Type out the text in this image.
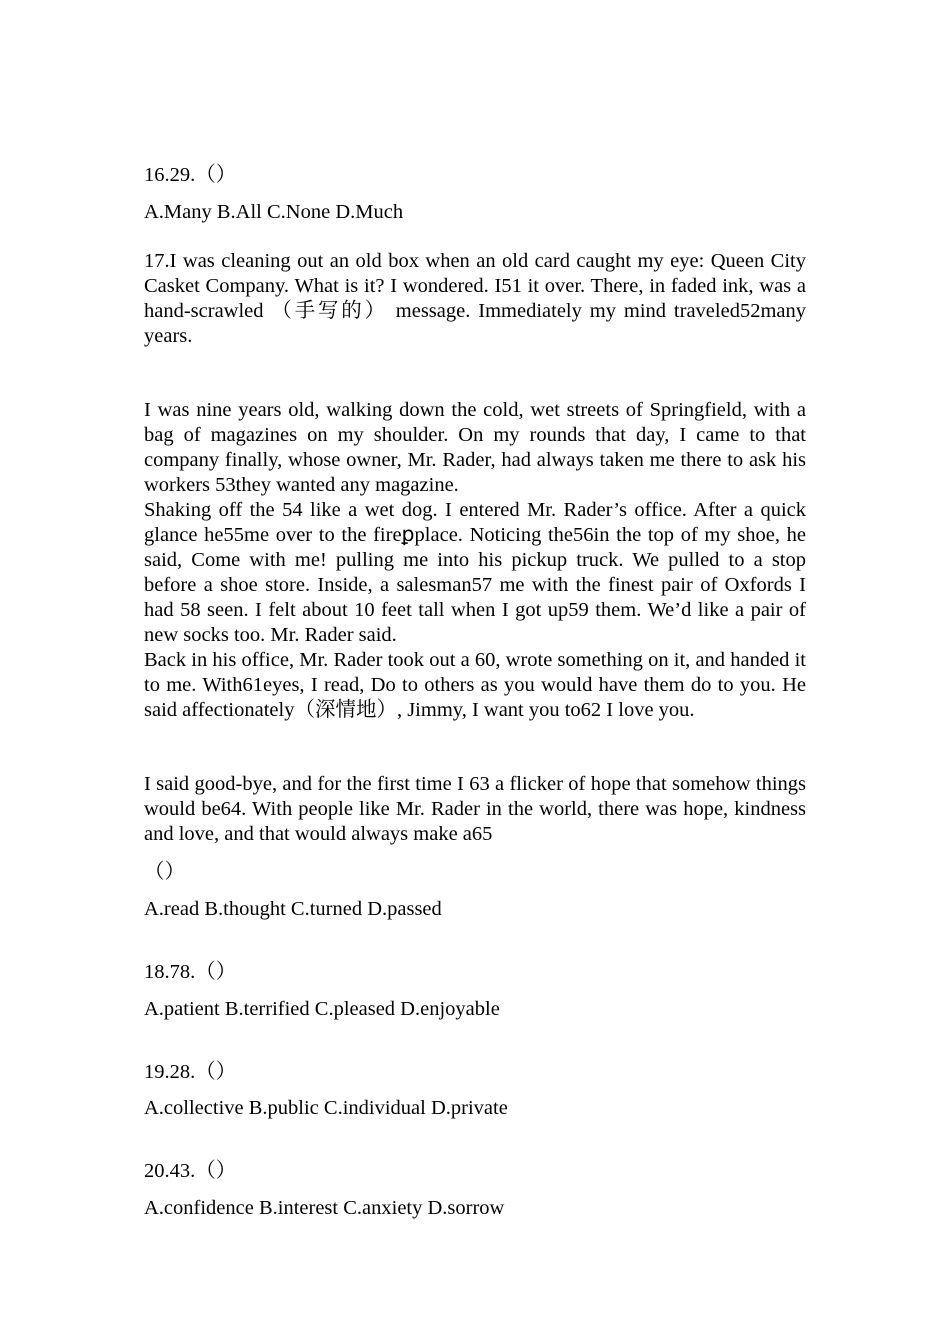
16.29.（）
A.Many B.All C.None D.Much
17.I was cleaning out an old box when an old card caught my eye: Queen City Casket Company. What is it? I wondered. I51 it over. There, in faded ink, was a hand-scrawled （手写的） message. Immediately my mind traveled52many years.
I was nine years old, walking down the cold, wet streets of Springfield, with a bag of magazines on my shoulder. On my rounds that day, I came to that company finally, whose owner, Mr. Rader, had always taken me there to ask his workers 53they wanted any magazine.
Shaking off the 54 like a wet dog. I entered Mr. Rader’s office. After a quick glance he55me over to the fireꝑplace. Noticing the56in the top of my shoe, he said, Come with me! pulling me into his pickup truck. We pulled to a stop before a shoe store. Inside, a salesman57 me with the finest pair of Oxfords I had 58 seen. I felt about 10 feet tall when I got up59 them. We’d like a pair of new socks too. Mr. Rader said.
Back in his office, Mr. Rader took out a 60, wrote something on it, and handed it to me. With61eyes, I read, Do to others as you would have them do to you. He said affectionately（深情地）, Jimmy, I want you to62 I love you.
I said good-bye, and for the first time I 63 a flicker of hope that somehow things would be64. With people like Mr. Rader in the world, there was hope, kindness and love, and that would always make a65
（）
A.read B.thought C.turned D.passed
18.78.（）
A.patient B.terrified C.pleased D.enjoyable
19.28.（）
A.collective B.public C.individual D.private
20.43.（）
A.confidence B.interest C.anxiety D.sorrow
